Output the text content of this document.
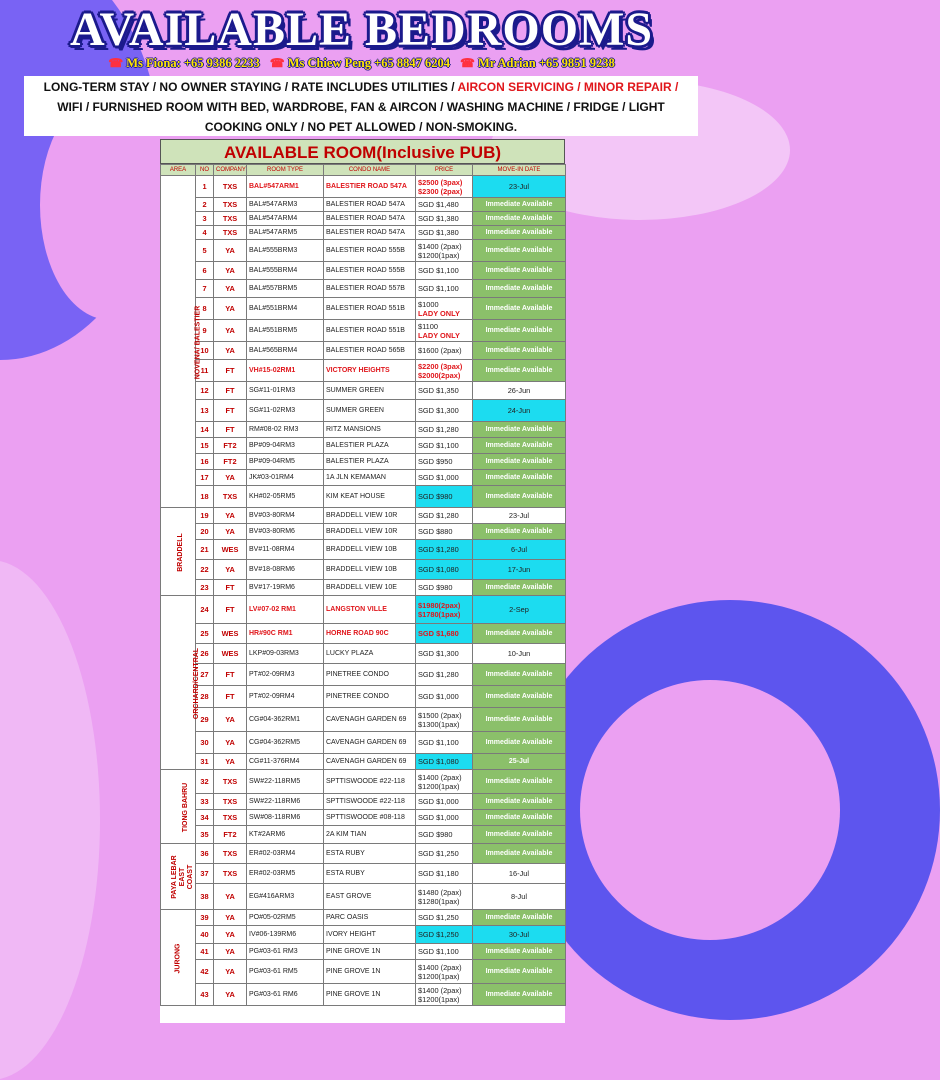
AVAILABLE BEDROOMS
☎ Ms Fiona: +65 9386 2233 ☎ Ms Chiew Peng +65 8847 6204 ☎ Mr Adrian +65 9851 9238
LONG-TERM STAY / NO OWNER STAYING / RATE INCLUDES UTILITIES / AIRCON SERVICING / MINOR REPAIR /
WIFI / FURNISHED ROOM WITH BED, WARDROBE, FAN & AIRCON / WASHING MACHINE / FRIDGE / LIGHT
COOKING ONLY / NO PET ALLOWED / NON-SMOKING.
AVAILABLE ROOM(Inclusive PUB)
AREA	NO	COMPANY	ROOM TYPE	CONDO NAME	PRICE	MOVE-IN DATE
NOVENA/ BALESTIER	1	TXS	BAL#547ARM1	BALESTIER ROAD 547A	$2500 (3pax)
$2300 (2pax)	23-Jul
	2	TXS	BAL#547ARM3	BALESTIER ROAD 547A	SGD $1,480	Immediate Available
	3	TXS	BAL#547ARM4	BALESTIER ROAD 547A	SGD $1,380	Immediate Available
	4	TXS	BAL#547ARM5	BALESTIER ROAD 547A	SGD $1,380	Immediate Available
	5	YA	BAL#555BRM3	BALESTIER ROAD 555B	$1400 (2pax)
$1200(1pax)	Immediate Available
	6	YA	BAL#555BRM4	BALESTIER ROAD 555B	SGD $1,100	Immediate Available
	7	YA	BAL#557BRM5	BALESTIER ROAD 557B	SGD $1,100	Immediate Available
	8	YA	BAL#551BRM4	BALESTIER ROAD 551B	$1000
LADY ONLY	Immediate Available
	9	YA	BAL#551BRM5	BALESTIER ROAD 551B	$1100
LADY ONLY	Immediate Available
	10	YA	BAL#565BRM4	BALESTIER ROAD 565B	$1600 (2pax)	Immediate Available
	11	FT	VH#15-02RM1	VICTORY HEIGHTS	$2200 (3pax)
$2000(2pax)	Immediate Available
	12	FT	SG#11-01RM3	SUMMER GREEN	SGD $1,350	26-Jun
	13	FT	SG#11-02RM3	SUMMER GREEN	SGD $1,300	24-Jun
	14	FT	RM#08-02 RM3	RITZ MANSIONS	SGD $1,280	Immediate Available
	15	FT2	BP#09-04RM3	BALESTIER PLAZA	SGD $1,100	Immediate Available
	16	FT2	BP#09-04RM5	BALESTIER PLAZA	SGD $950	Immediate Available
	17	YA	JK#03-01RM4	1A JLN KEMAMAN	SGD $1,000	Immediate Available
	18	TXS	KH#02-05RM5	KIM KEAT HOUSE	SGD $980	Immediate Available
BRADDELL	19	YA	BV#03-80RM4	BRADDELL VIEW 10R	SGD $1,280	23-Jul
	20	YA	BV#03-80RM6	BRADDELL VIEW 10R	SGD $880	Immediate Available
	21	WES	BV#11-08RM4	BRADDELL VIEW 10B	SGD $1,280	6-Jul
	22	YA	BV#18-08RM6	BRADDELL VIEW 10B	SGD $1,080	17-Jun
	23	FT	BV#17-19RM6	BRADDELL VIEW 10E	SGD $980	Immediate Available
ORCHARD/CENTRAL	24	FT	LV#07-02 RM1	LANGSTON VILLE	$1980(2pax)
$1780(1pax)	2-Sep
	25	WES	HR#90C RM1	HORNE ROAD 90C	SGD $1,680	Immediate Available
	26	WES	LKP#09-03RM3	LUCKY PLAZA	SGD $1,300	10-Jun
	27	FT	PT#02-09RM3	PINETREE CONDO	SGD $1,280	Immediate Available
	28	FT	PT#02-09RM4	PINETREE CONDO	SGD $1,000	Immediate Available
	29	YA	CG#04-362RM1	CAVENAGH GARDEN 69	$1500 (2pax)
$1300(1pax)	Immediate Available
	30	YA	CG#04-362RM5	CAVENAGH GARDEN 69	SGD $1,100	Immediate Available
	31	YA	CG#11-376RM4	CAVENAGH GARDEN 69	SGD $1,080	25-Jul
TIONG BAHRU	32	TXS	SW#22-118RM5	SPTTISWOODE #22-118	$1400 (2pax)
$1200(1pax)	Immediate Available
	33	TXS	SW#22-118RM6	SPTTISWOODE #22-118	SGD $1,000	Immediate Available
	34	TXS	SW#08-118RM6	SPTTISWOODE #08-118	SGD $1,000	Immediate Available
	35	FT2	KT#2ARM6	2A KIM TIAN	SGD $980	Immediate Available
PAYA LEBAR EAST COAST	36	TXS	ER#02-03RM4	ESTA RUBY	SGD $1,250	Immediate Available
	37	TXS	ER#02-03RM5	ESTA RUBY	SGD $1,180	16-Jul
	38	YA	EG#416ARM3	EAST GROVE	$1480 (2pax)
$1280(1pax)	8-Jul
JURONG	39	YA	PO#05-02RM5	PARC OASIS	SGD $1,250	Immediate Available
	40	YA	IV#06-139RM6	IVORY HEIGHT	SGD $1,250	30-Jul
	41	YA	PG#03-61 RM3	PINE GROVE 1N	SGD $1,100	Immediate Available
	42	YA	PG#03-61 RM5	PINE GROVE 1N	$1400 (2pax)
$1200(1pax)	Immediate Available
	43	YA	PG#03-61 RM6	PINE GROVE 1N	$1400 (2pax)
$1200(1pax)	Immediate Available
